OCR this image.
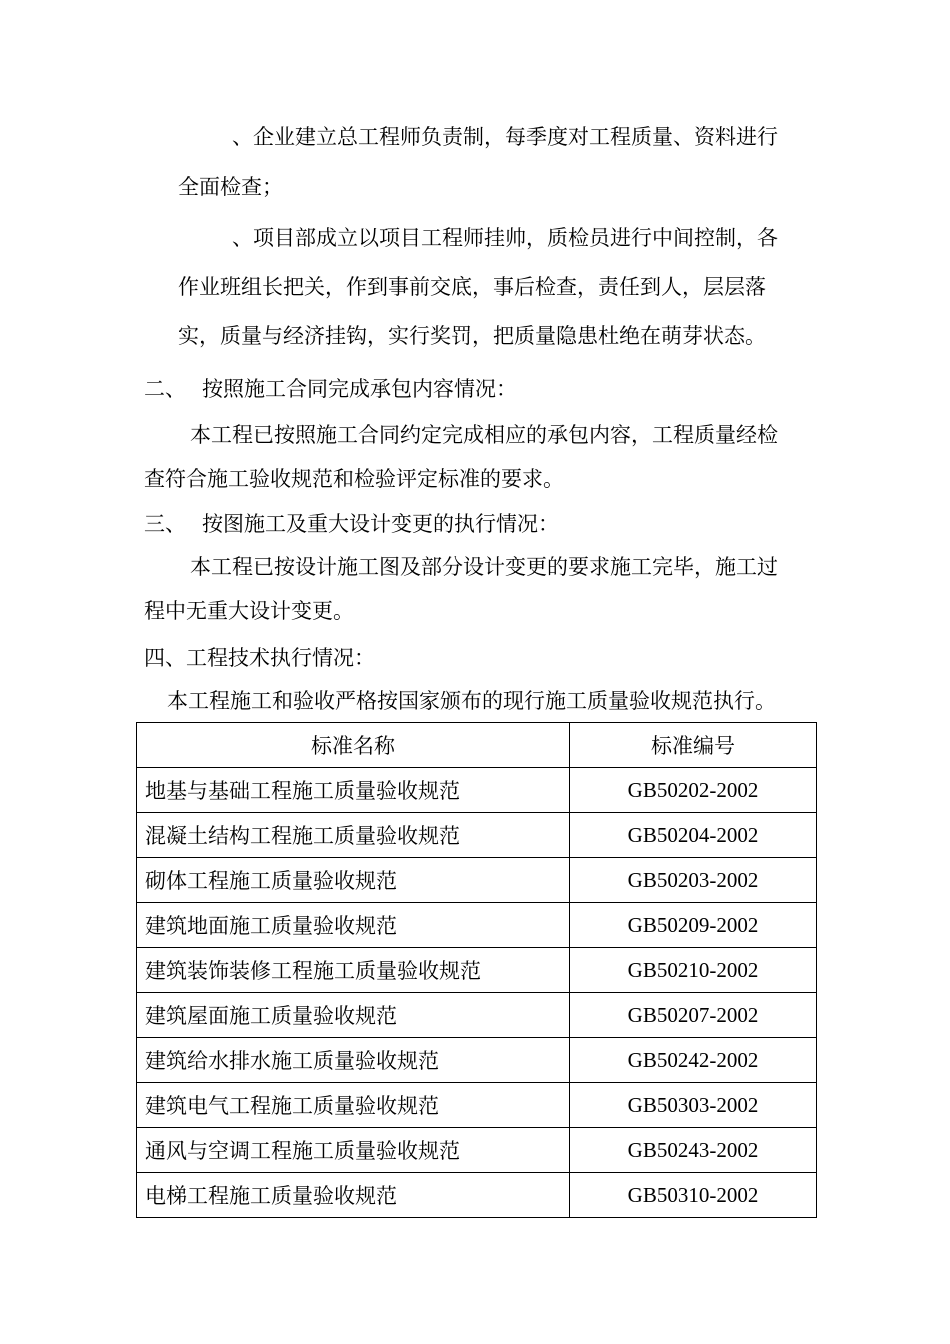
、企业建立总工程师负责制，每季度对工程质量、资料进行
全面检查；
、项目部成立以项目工程师挂帅，质检员进行中间控制，各
作业班组长把关，作到事前交底，事后检查，责任到人，层层落
实，质量与经济挂钩，实行奖罚，把质量隐患杜绝在萌芽状态。
二、 按照施工合同完成承包内容情况：
本工程已按照施工合同约定完成相应的承包内容，工程质量经检
查符合施工验收规范和检验评定标准的要求。
三、 按图施工及重大设计变更的执行情况：
本工程已按设计施工图及部分设计变更的要求施工完毕，施工过
程中无重大设计变更。
四、工程技术执行情况：
本工程施工和验收严格按国家颁布的现行施工质量验收规范执行。
标准名称	标准编号
地基与基础工程施工质量验收规范	GB50202-2002
混凝土结构工程施工质量验收规范	GB50204-2002
砌体工程施工质量验收规范	GB50203-2002
建筑地面施工质量验收规范	GB50209-2002
建筑装饰装修工程施工质量验收规范	GB50210-2002
建筑屋面施工质量验收规范	GB50207-2002
建筑给水排水施工质量验收规范	GB50242-2002
建筑电气工程施工质量验收规范	GB50303-2002
通风与空调工程施工质量验收规范	GB50243-2002
电梯工程施工质量验收规范	GB50310-2002
